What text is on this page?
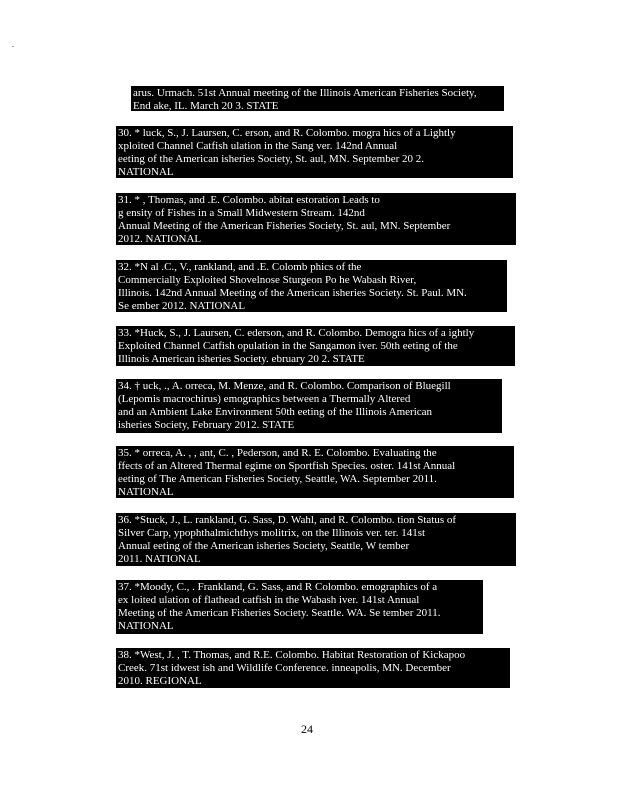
arus. Urmach. 51st Annual meeting of the Illinois American Fisheries Society,
End ake, IL. March 20 3. STATE
30. * luck, S., J. Laursen, C. erson, and R. Colombo. mogra hics of a Lightly
xploited Channel Catfish ulation in the Sang ver. 142nd Annual
eeting of the American isheries Society, St. aul, MN. September 20 2.
NATIONAL
31. * , Thomas, and .E. Colombo. abitat estoration Leads to
g ensity of Fishes in a Small Midwestern Stream. 142nd
Annual Meeting of the American Fisheries Society, St. aul, MN. September
2012. NATIONAL
32. *N al .C., V., rankland, and .E. Colomb phics of the
Commercially Exploited Shovelnose Sturgeon Po he Wabash River,
Illinois. 142nd Annual Meeting of the American isheries Society. St. Paul. MN.
Se ember 2012. NATIONAL
33. *Huck, S., J. Laursen, C. ederson, and R. Colombo. Demogra hics of a ightly
Exploited Channel Catfish opulation in the Sangamon iver. 50th eeting of the
Illinois American isheries Society. ebruary 20 2. STATE
34. † uck, ., A. orreca, M. Menze, and R. Colombo. Comparison of Bluegill
(Lepomis macrochirus) emographics between a Thermally Altered
and an Ambient Lake Environment 50th eeting of the Illinois American
isheries Society, February 2012. STATE
35. * orreca, A. , , ant, C. , Pederson, and R. E. Colombo. Evaluating the
ffects of an Altered Thermal egime on Sportfish Species. oster. 141st Annual
eeting of The American Fisheries Society, Seattle, WA. September 2011.
NATIONAL
36. *Stuck, J., L. rankland, G. Sass, D. Wahl, and R. Colombo. tion Status of
Silver Carp, ypophthalmichthys molitrix, on the Illinois ver. ter. 141st
Annual eeting of the American isheries Society, Seattle, W tember
2011. NATIONAL
37. *Moody, C., . Frankland, G. Sass, and R Colombo. emographics of a
ex loited ulation of flathead catfish in the Wabash iver. 141st Annual
Meeting of the American Fisheries Society. Seattle. WA. Se tember 2011.
NATIONAL
38. *West, J. , T. Thomas, and R.E. Colombo. Habitat Restoration of Kickapoo
Creek. 71st idwest ish and Wildlife Conference. inneapolis, MN. December
2010. REGIONAL
24
